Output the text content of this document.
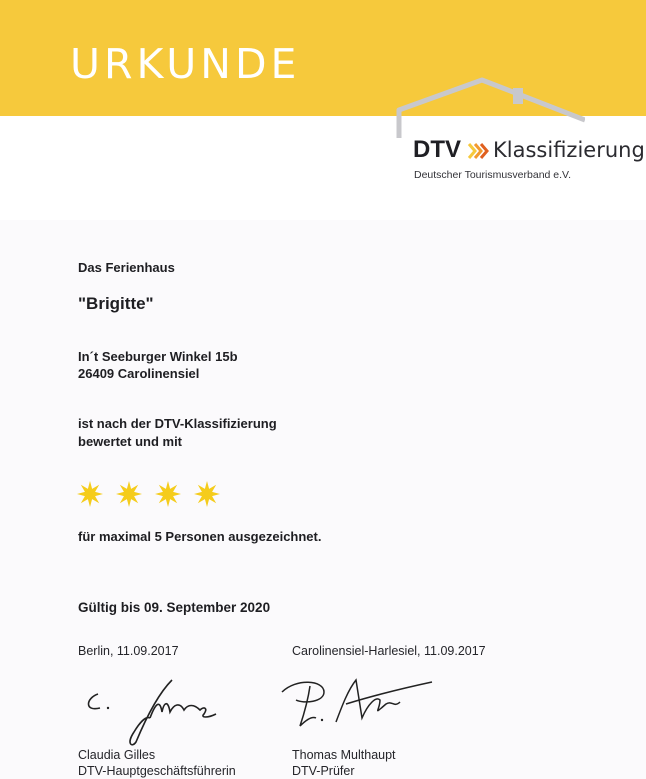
URKUNDE
DTV Klassifizierung
Deutscher Tourismusverband e.V.
Das Ferienhaus
"Brigitte"
In´t Seeburger Winkel 15b
26409 Carolinensiel
ist nach der DTV-Klassifizierung
bewertet und mit
für maximal 5 Personen ausgezeichnet.
Gültig bis 09. September 2020
Berlin, 11.09.2017	Carolinensiel-Harlesiel, 11.09.2017
Claudia Gilles
DTV-Hauptgeschäftsführerin
Thomas Multhaupt
DTV-Prüfer
